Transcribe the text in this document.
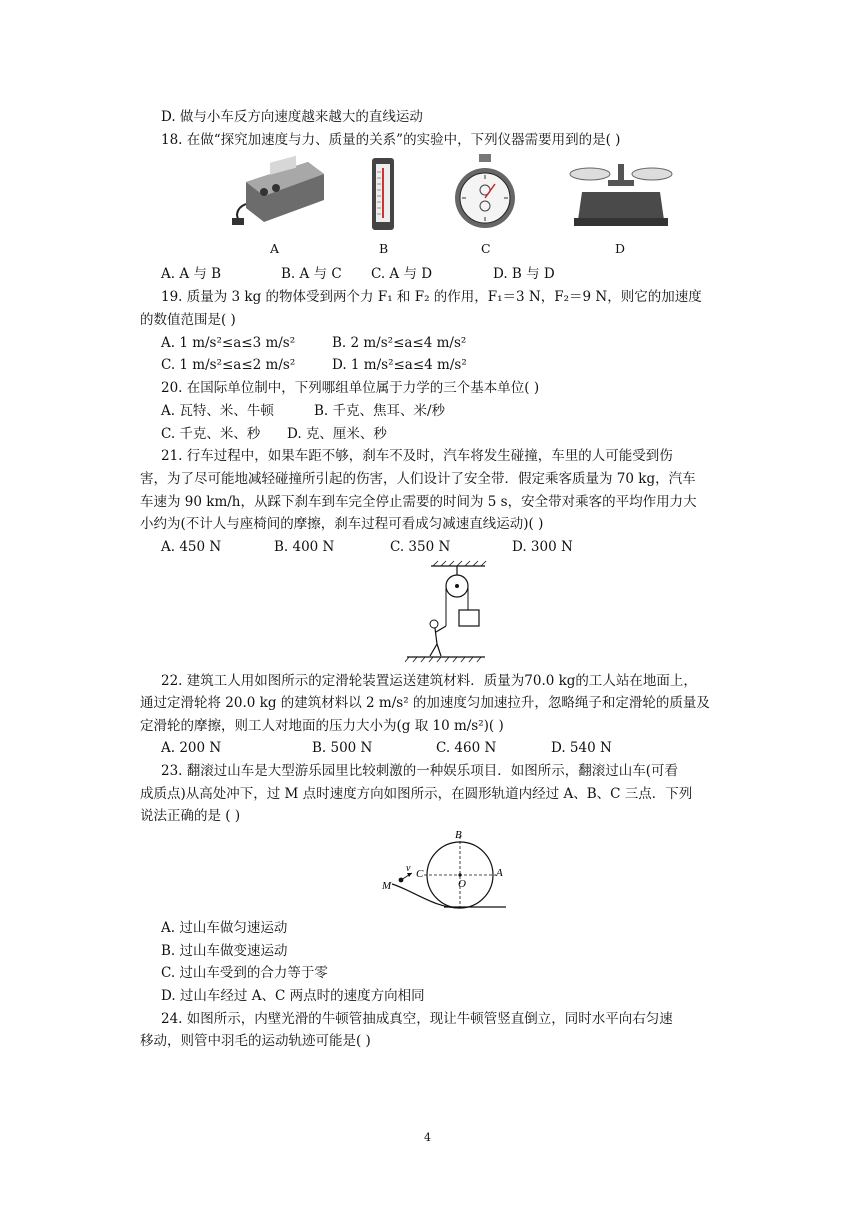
D. 做与小车反方向速度越来越大的直线运动
18. 在做“探究加速度与力、质量的关系”的实验中，下列仪器需要用到的是( )
A	B	C	D
A. A 与 B	B. A 与 C C. A 与 D	D. B 与 D
19. 质量为 3 kg 的物体受到两个力 F₁ 和 F₂ 的作用，F₁＝3 N，F₂＝9 N，则它的加速度
的数值范围是( )
A. 1 m/s²≤a≤3 m/s²	B. 2 m/s²≤a≤4 m/s²
C. 1 m/s²≤a≤2 m/s²	D. 1 m/s²≤a≤4 m/s²
20. 在国际单位制中，下列哪组单位属于力学的三个基本单位( )
A. 瓦特、米、牛顿	B. 千克、焦耳、米/秒
C. 千克、米、秒 D. 克、厘米、秒
21. 行车过程中，如果车距不够，刹车不及时，汽车将发生碰撞，车里的人可能受到伤
害，为了尽可能地减轻碰撞所引起的伤害，人们设计了安全带．假定乘客质量为 70 kg，汽车
车速为 90 km/h，从踩下刹车到车完全停止需要的时间为 5 s，安全带对乘客的平均作用力大
小约为(不计人与座椅间的摩擦，刹车过程可看成匀减速直线运动)( )
A. 450 N	B. 400 N	C. 350 N	D. 300 N
22. 建筑工人用如图所示的定滑轮装置运送建筑材料．质量为70.0 kg的工人站在地面上，
通过定滑轮将 20.0 kg 的建筑材料以 2 m/s² 的加速度匀加速拉升，忽略绳子和定滑轮的质量及
定滑轮的摩擦，则工人对地面的压力大小为(g 取 10 m/s²)( )
A. 200 N	B. 500 N	C. 460 N	D. 540 N
23. 翻滚过山车是大型游乐园里比较刺激的一种娱乐项目．如图所示，翻滚过山车(可看
成质点)从高处冲下，过 M 点时速度方向如图所示，在圆形轨道内经过 A、B、C 三点．下列
说法正确的是 ( )
B
A
C
O
M
v
A. 过山车做匀速运动
B. 过山车做变速运动
C. 过山车受到的合力等于零
D. 过山车经过 A、C 两点时的速度方向相同
24. 如图所示，内壁光滑的牛顿管抽成真空，现让牛顿管竖直倒立，同时水平向右匀速
移动，则管中羽毛的运动轨迹可能是( )
4
